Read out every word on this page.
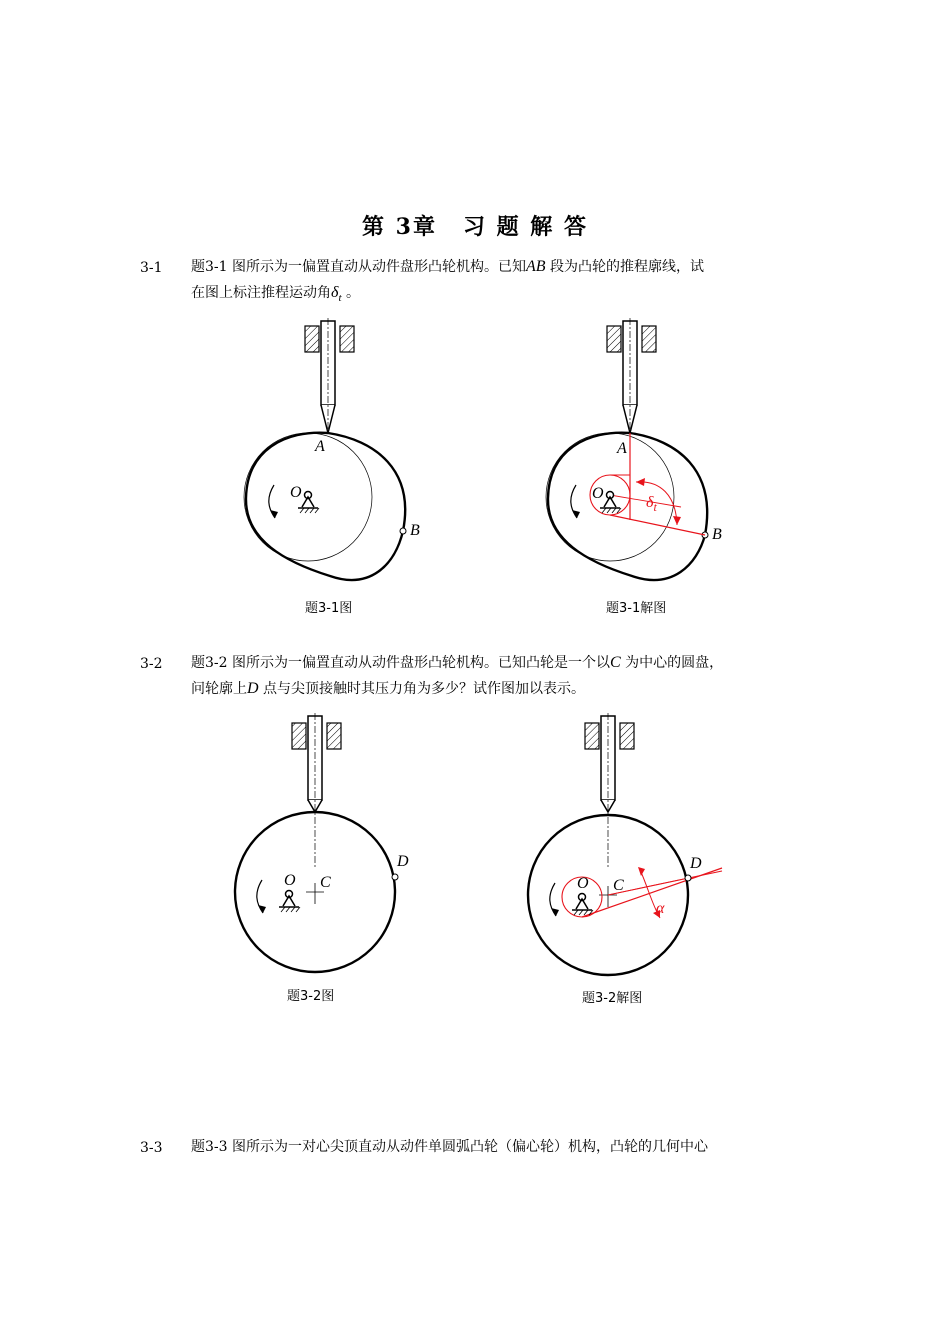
第 3章 习 题 解 答
3-1 题3-1 图所示为一偏置直动从动件盘形凸轮机构。已知AB 段为凸轮的推程廓线，试
在图上标注推程运动角$\delta_t$ 。
A
B
O
题3-1图
$\delta_t$
A
B
O
题3-1解图
3-2 题3-2 图所示为一偏置直动从动件盘形凸轮机构。已知凸轮是一个以C 为中心的圆盘，
问轮廓上D 点与尖顶接触时其压力角为多少？试作图加以表示。
O C
D
题3-2图
α
O C
D
题3-2解图
3-3 题3-3 图所示为一对心尖顶直动从动件单圆弧凸轮（偏心轮）机构，凸轮的几何中心
